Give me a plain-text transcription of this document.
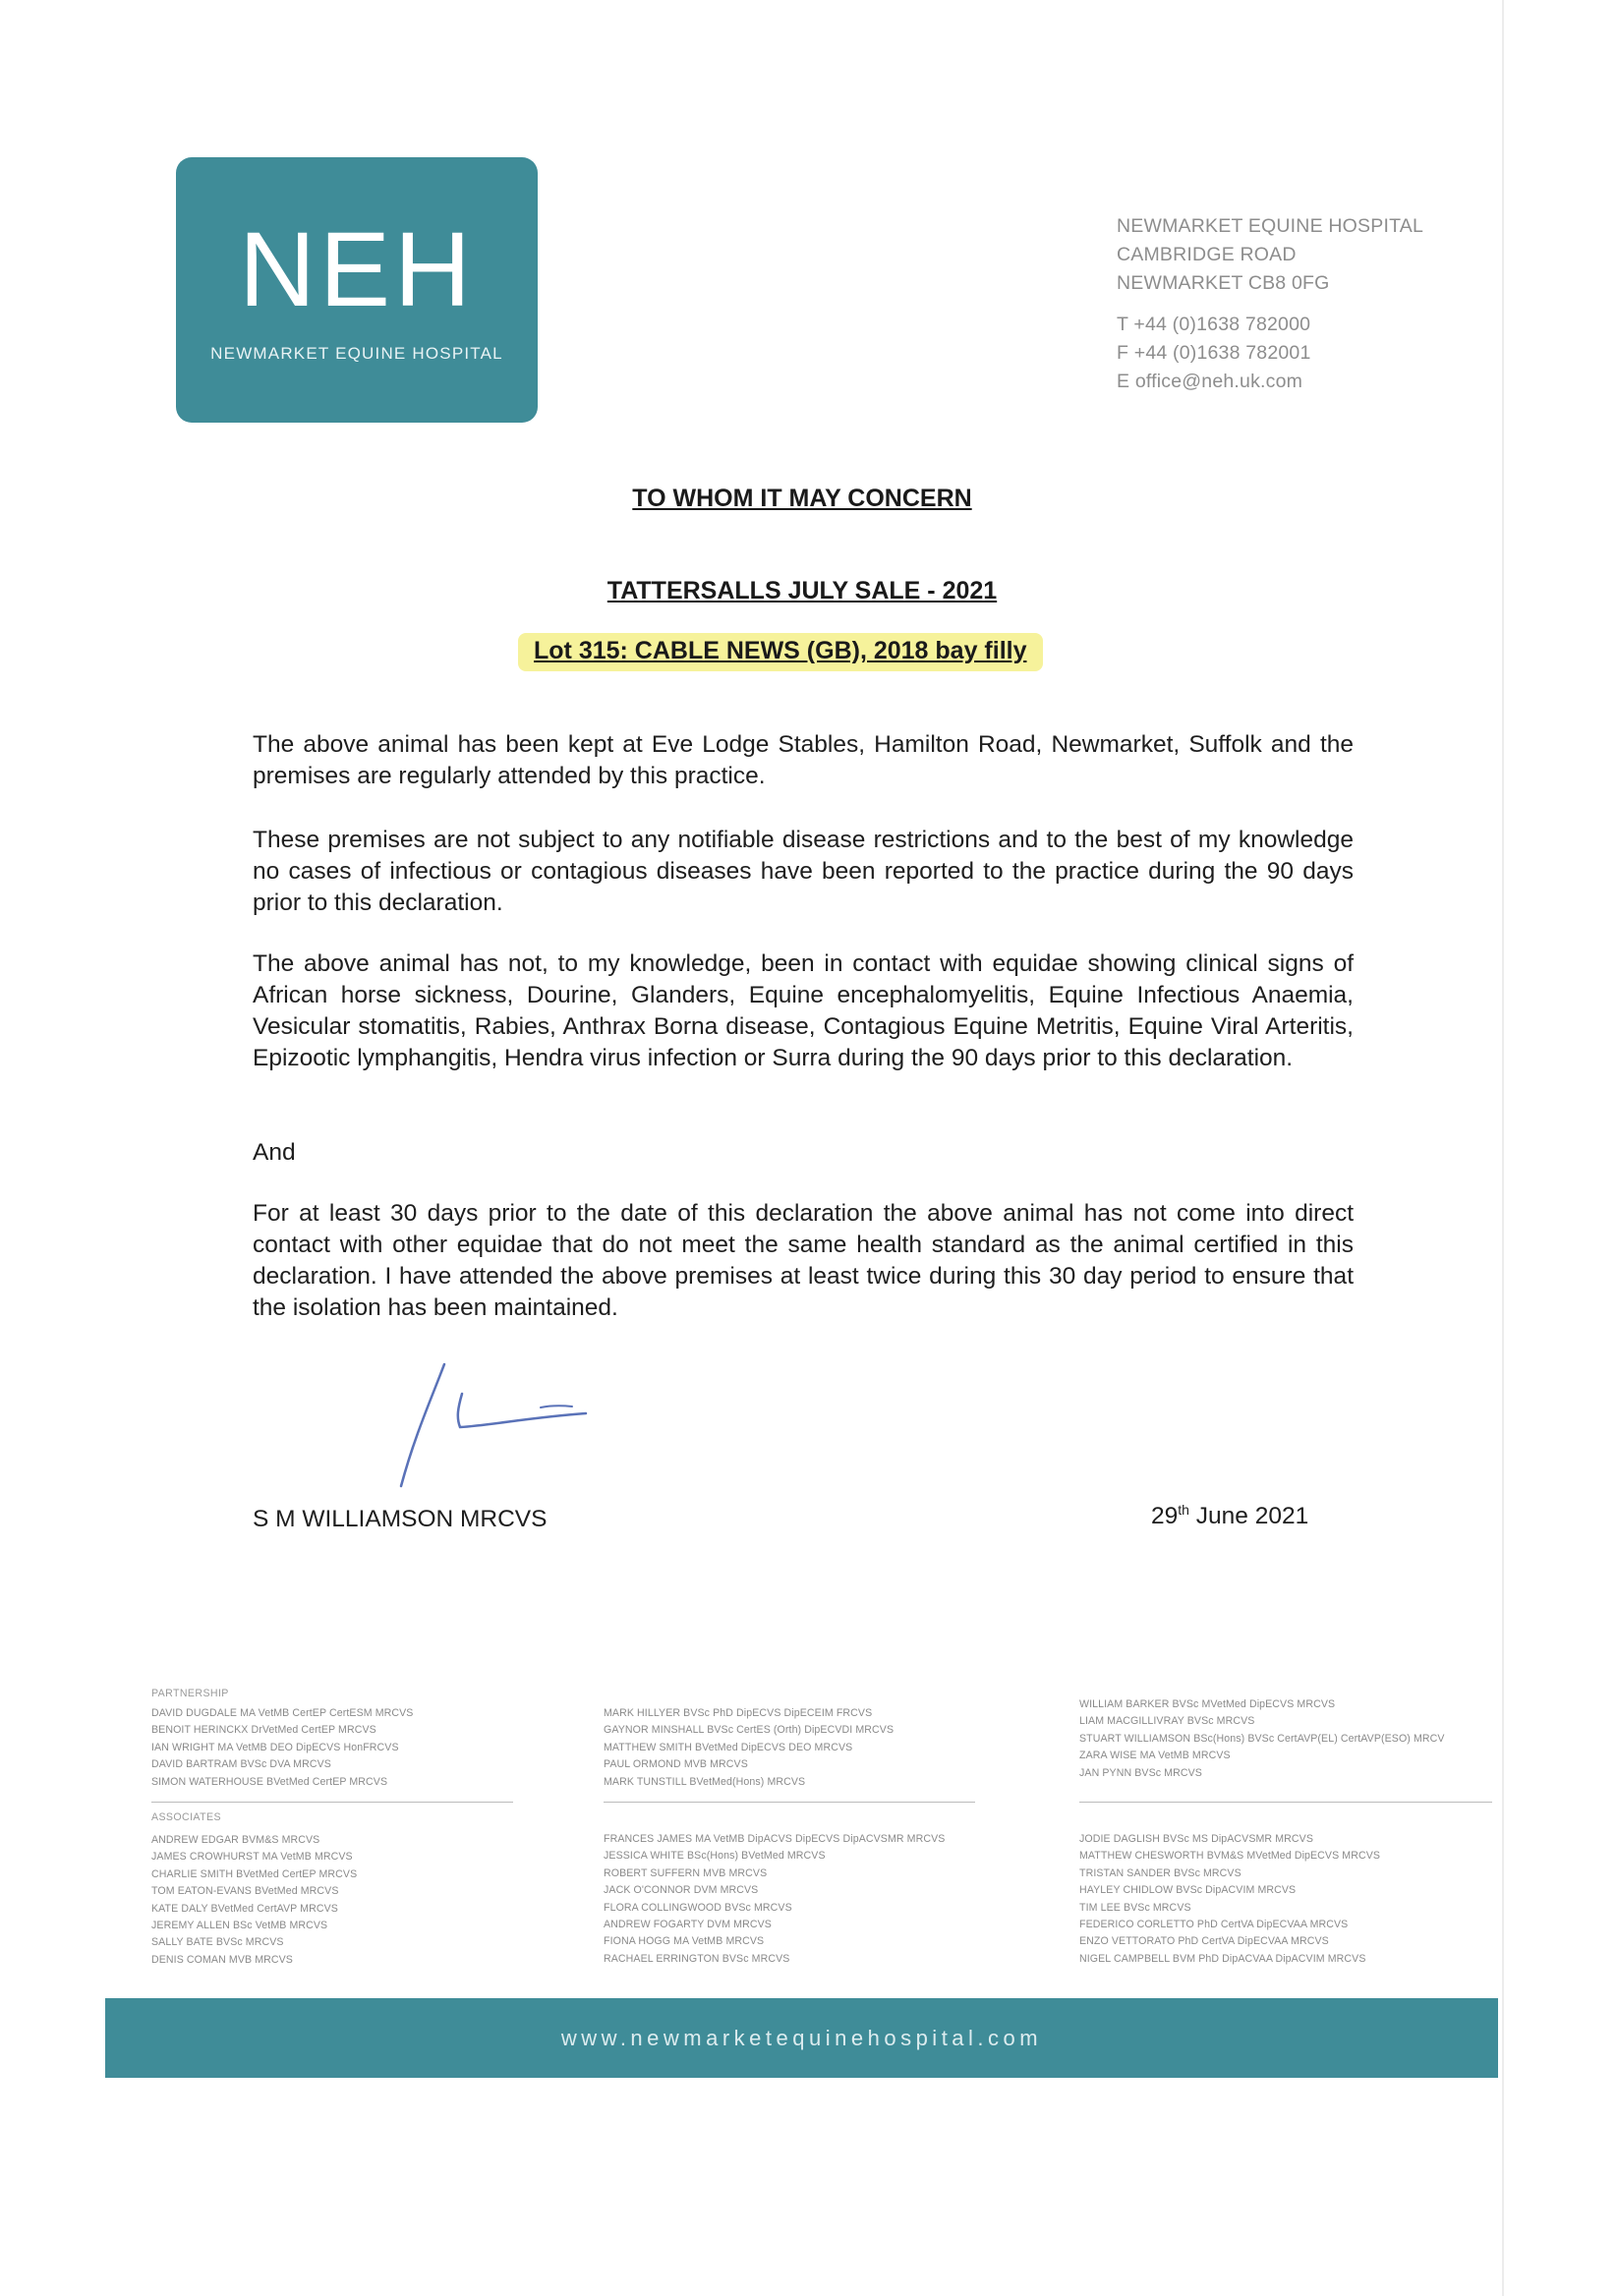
NEH
NEWMARKET EQUINE HOSPITAL
NEWMARKET EQUINE HOSPITAL
CAMBRIDGE ROAD
NEWMARKET CB8 0FG
T +44 (0)1638 782000
F +44 (0)1638 782001
E office@neh.uk.com
TO WHOM IT MAY CONCERN
TATTERSALLS JULY SALE - 2021
Lot 315: CABLE NEWS (GB), 2018 bay filly
The above animal has been kept at Eve Lodge Stables, Hamilton Road, Newmarket, Suffolk and the premises are regularly attended by this practice.
These premises are not subject to any notifiable disease restrictions and to the best of my knowledge no cases of infectious or contagious diseases have been reported to the practice during the 90 days prior to this declaration.
The above animal has not, to my knowledge, been in contact with equidae showing clinical signs of African horse sickness, Dourine, Glanders, Equine encephalomyelitis, Equine Infectious Anaemia, Vesicular stomatitis, Rabies, Anthrax Borna disease, Contagious Equine Metritis, Equine Viral Arteritis, Epizootic lymphangitis, Hendra virus infection or Surra during the 90 days prior to this declaration.
And
For at least 30 days prior to the date of this declaration the above animal has not come into direct contact with other equidae that do not meet the same health standard as the animal certified in this declaration. I have attended the above premises at least twice during this 30 day period to ensure that the isolation has been maintained.
S M WILLIAMSON MRCVS	29th June 2021
PARTNERSHIP
DAVID DUGDALE MA VetMB CertEP CertESM MRCVS
BENOIT HERINCKX DrVetMed CertEP MRCVS
IAN WRIGHT MA VetMB DEO DipECVS HonFRCVS
DAVID BARTRAM BVSc DVA MRCVS
SIMON WATERHOUSE BVetMed CertEP MRCVS
MARK HILLYER BVSc PhD DipECVS DipECEIM FRCVS
GAYNOR MINSHALL BVSc CertES (Orth) DipECVDI MRCVS
MATTHEW SMITH BVetMed DipECVS DEO MRCVS
PAUL ORMOND MVB MRCVS
MARK TUNSTILL BVetMed(Hons) MRCVS
WILLIAM BARKER BVSc MVetMed DipECVS MRCVS
LIAM MACGILLIVRAY BVSc MRCVS
STUART WILLIAMSON BSc(Hons) BVSc CertAVP(EL) CertAVP(ESO) MRCV
ZARA WISE MA VetMB MRCVS
JAN PYNN BVSc MRCVS
ASSOCIATES
ANDREW EDGAR BVM&S MRCVS
JAMES CROWHURST MA VetMB MRCVS
CHARLIE SMITH BVetMed CertEP MRCVS
TOM EATON-EVANS BVetMed MRCVS
KATE DALY BVetMed CertAVP MRCVS
JEREMY ALLEN BSc VetMB MRCVS
SALLY BATE BVSc MRCVS
DENIS COMAN MVB MRCVS
FRANCES JAMES MA VetMB DipACVS DipECVS DipACVSMR MRCVS
JESSICA WHITE BSc(Hons) BVetMed MRCVS
ROBERT SUFFERN MVB MRCVS
JACK O'CONNOR DVM MRCVS
FLORA COLLINGWOOD BVSc MRCVS
ANDREW FOGARTY DVM MRCVS
FIONA HOGG MA VetMB MRCVS
RACHAEL ERRINGTON BVSc MRCVS
JODIE DAGLISH BVSc MS DipACVSMR MRCVS
MATTHEW CHESWORTH BVM&S MVetMed DipECVS MRCVS
TRISTAN SANDER BVSc MRCVS
HAYLEY CHIDLOW BVSc DipACVIM MRCVS
TIM LEE BVSc MRCVS
FEDERICO CORLETTO PhD CertVA DipECVAA MRCVS
ENZO VETTORATO PhD CertVA DipECVAA MRCVS
NIGEL CAMPBELL BVM PhD DipACVAA DipACVIM MRCVS
www.newmarketequinehospital.com
